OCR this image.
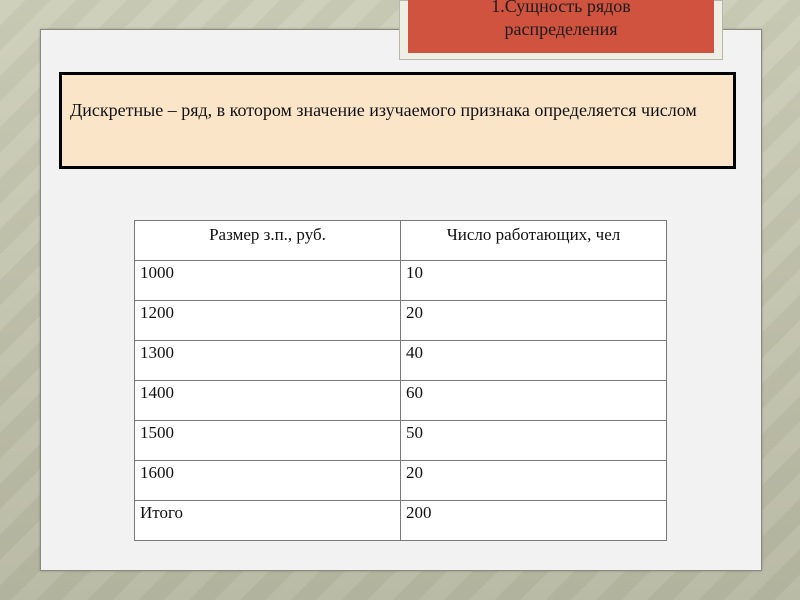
1.Сущность рядов
распределения

Дискретные – ряд, в котором значение изучаемого признака определяется числом

Размер з.п., руб.	Число работающих, чел
1000	10
1200	20
1300	40
1400	60
1500	50
1600	20
Итого	200
